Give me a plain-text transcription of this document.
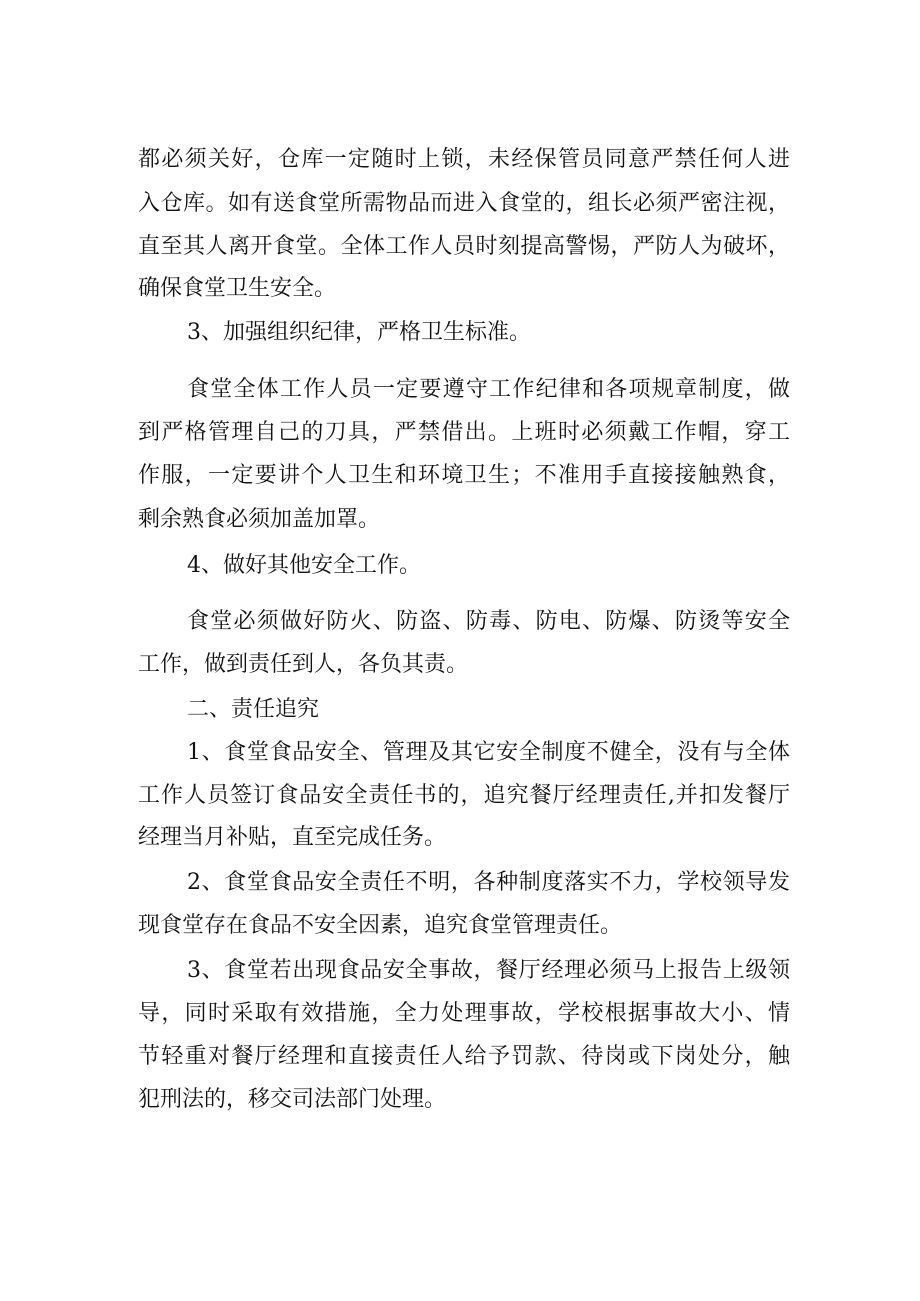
都必须关好，仓库一定随时上锁，未经保管员同意严禁任何人进

入仓库。如有送食堂所需物品而进入食堂的，组长必须严密注视，

直至其人离开食堂。全体工作人员时刻提高警惕，严防人为破坏，

确保食堂卫生安全。

3、加强组织纪律，严格卫生标准。

食堂全体工作人员一定要遵守工作纪律和各项规章制度，做

到严格管理自己的刀具，严禁借出。上班时必须戴工作帽，穿工

作服，一定要讲个人卫生和环境卫生；不准用手直接接触熟食，

剩余熟食必须加盖加罩。

4、做好其他安全工作。

食堂必须做好防火、防盗、防毒、防电、防爆、防烫等安全

工作，做到责任到人，各负其责。

二、责任追究

1、食堂食品安全、管理及其它安全制度不健全，没有与全体

工作人员签订食品安全责任书的，追究餐厅经理责任,并扣发餐厅

经理当月补贴，直至完成任务。

2、食堂食品安全责任不明，各种制度落实不力，学校领导发

现食堂存在食品不安全因素，追究食堂管理责任。

3、食堂若出现食品安全事故，餐厅经理必须马上报告上级领

导，同时采取有效措施，全力处理事故，学校根据事故大小、情

节轻重对餐厅经理和直接责任人给予罚款、待岗或下岗处分，触

犯刑法的，移交司法部门处理。
